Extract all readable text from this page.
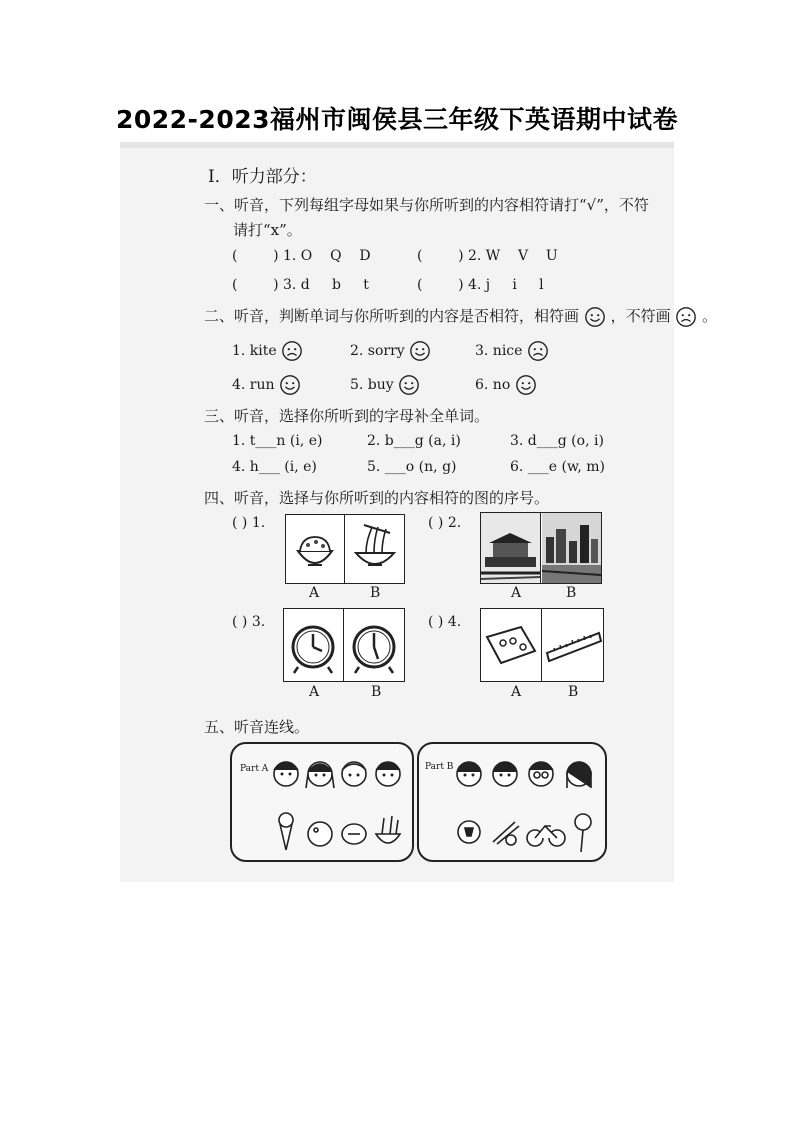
2022-2023福州市闽侯县三年级下英语期中试卷
I．听力部分：
一、听音，下列每组字母如果与你所听到的内容相符请打“√”，不符
请打“x”。
(        ) 1. O    Q    D	(        ) 2. W    V    U
(        ) 3. d     b     t	(        ) 4. j     i     l
二、听音，判断单词与你所听到的内容是否相符，相符画 ，不符画 。
1. kite	2. sorry	3. nice
4. run	5. buy	6. no
三、听音，选择你所听到的字母补全单词。
1. t___n (i, e)	2. b___g (a, i)	3. d___g (o, i)
4. h___ (i, e)	5. ___o (n, g)	6. ___e (w, m)
四、听音，选择与你所听到的内容相符的图的序号。
( ) 1.
A	B
( ) 2.
A	B
( ) 3.
A	B
( ) 4.
A	B
五、听音连线。
Part A	Part B
